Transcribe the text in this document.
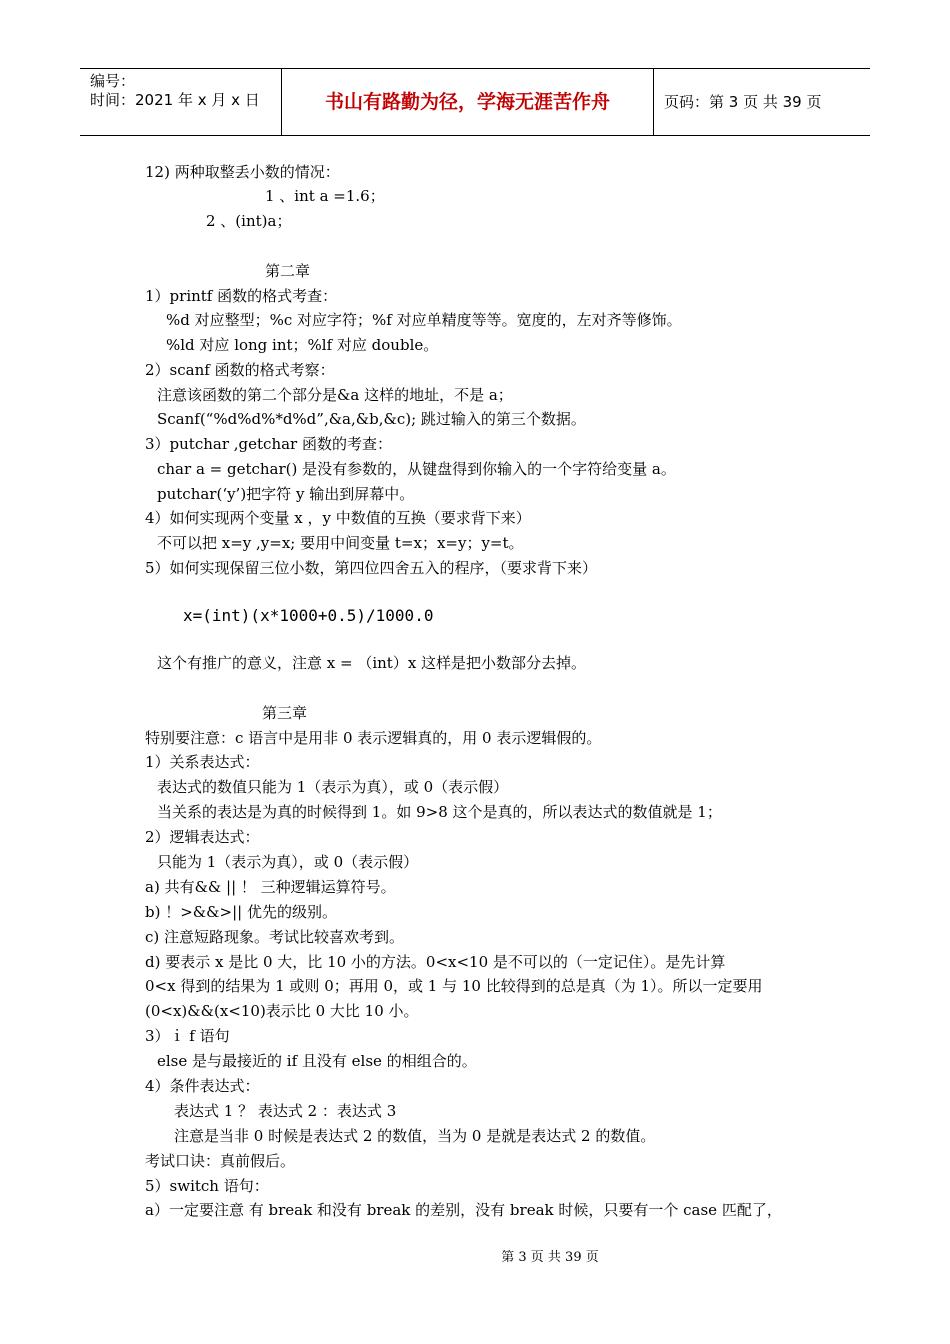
编号：
时间：2021 年 x 月 x 日	书山有路勤为径，学海无涯苦作舟	页码：第 3 页 共 39 页
12) 两种取整丢小数的情况：
1 、int a =1.6；
2 、(int)a；
第二章
1）printf 函数的格式考查：
%d 对应整型；%c 对应字符；%f 对应单精度等等。宽度的，左对齐等修饰。
%ld 对应 long int；%lf 对应 double。
2）scanf 函数的格式考察：
注意该函数的第二个部分是&a 这样的地址，不是 a；
Scanf(“%d%d%*d%d”,&a,&b,&c); 跳过输入的第三个数据。
3）putchar ,getchar 函数的考查：
char a = getchar() 是没有参数的，从键盘得到你输入的一个字符给变量 a。
putchar(‘y’)把字符 y 输出到屏幕中。
4）如何实现两个变量 x ，y 中数值的互换（要求背下来）
不可以把 x=y ,y=x; 要用中间变量 t=x；x=y；y=t。
5）如何实现保留三位小数，第四位四舍五入的程序，（要求背下来）
x=(int)(x*1000+0.5)/1000.0
这个有推广的意义，注意 x = （int）x 这样是把小数部分去掉。
第三章
特别要注意：c 语言中是用非 0 表示逻辑真的，用 0 表示逻辑假的。
1）关系表达式：
表达式的数值只能为 1（表示为真），或 0（表示假）
当关系的表达是为真的时候得到 1。如 9>8 这个是真的，所以表达式的数值就是 1；
2）逻辑表达式：
只能为 1（表示为真），或 0（表示假）
a) 共有&& || ！ 三种逻辑运算符号。
b) ！>&&>|| 优先的级别。
c) 注意短路现象。考试比较喜欢考到。
d) 要表示 x 是比 0 大，比 10 小的方法。0<x<10 是不可以的（一定记住）。是先计算
0<x 得到的结果为 1 或则 0；再用 0，或 1 与 10 比较得到的总是真（为 1）。所以一定要用
(0<x)&&(x<10)表示比 0 大比 10 小。
3）ｉ f 语句
else 是与最接近的 if 且没有 else 的相组合的。
4）条件表达式：
表达式 1 ？ 表达式 2 ：表达式 3
注意是当非 0 时候是表达式 2 的数值，当为 0 是就是表达式 2 的数值。
考试口诀：真前假后。
5）switch 语句：
a）一定要注意 有 break 和没有 break 的差别，没有 break 时候，只要有一个 case 匹配了，
第 3 页 共 39 页
